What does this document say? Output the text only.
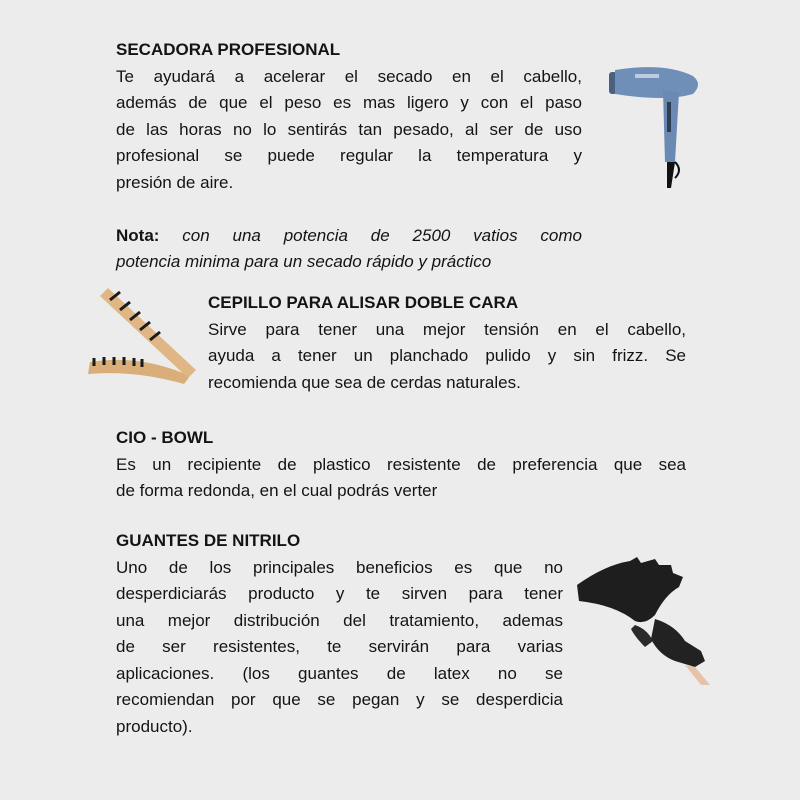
SECADORA PROFESIONAL
Te ayudará a acelerar el secado en el cabello,
además de que el peso es mas ligero y con el paso
de las horas no lo sentirás tan pesado, al ser de uso
profesional se puede regular la temperatura y
presión de aire.
Nota: con una potencia de 2500 vatios como
potencia minima para un secado rápido y práctico
CEPILLO PARA ALISAR DOBLE CARA
Sirve para tener una mejor tensión en el cabello,
ayuda a tener un planchado pulido y sin frizz. Se
recomienda que sea de cerdas naturales.
CIO - BOWL
Es un recipiente de plastico resistente de preferencia que sea
de forma redonda, en el cual podrás verter
GUANTES DE NITRILO
Uno de los principales beneficios es que no
desperdiciarás producto y te sirven para tener
una mejor distribución del tratamiento, ademas
de ser resistentes, te servirán para varias
aplicaciones. (los guantes de latex no se
recomiendan por que se pegan y se desperdicia
producto).
